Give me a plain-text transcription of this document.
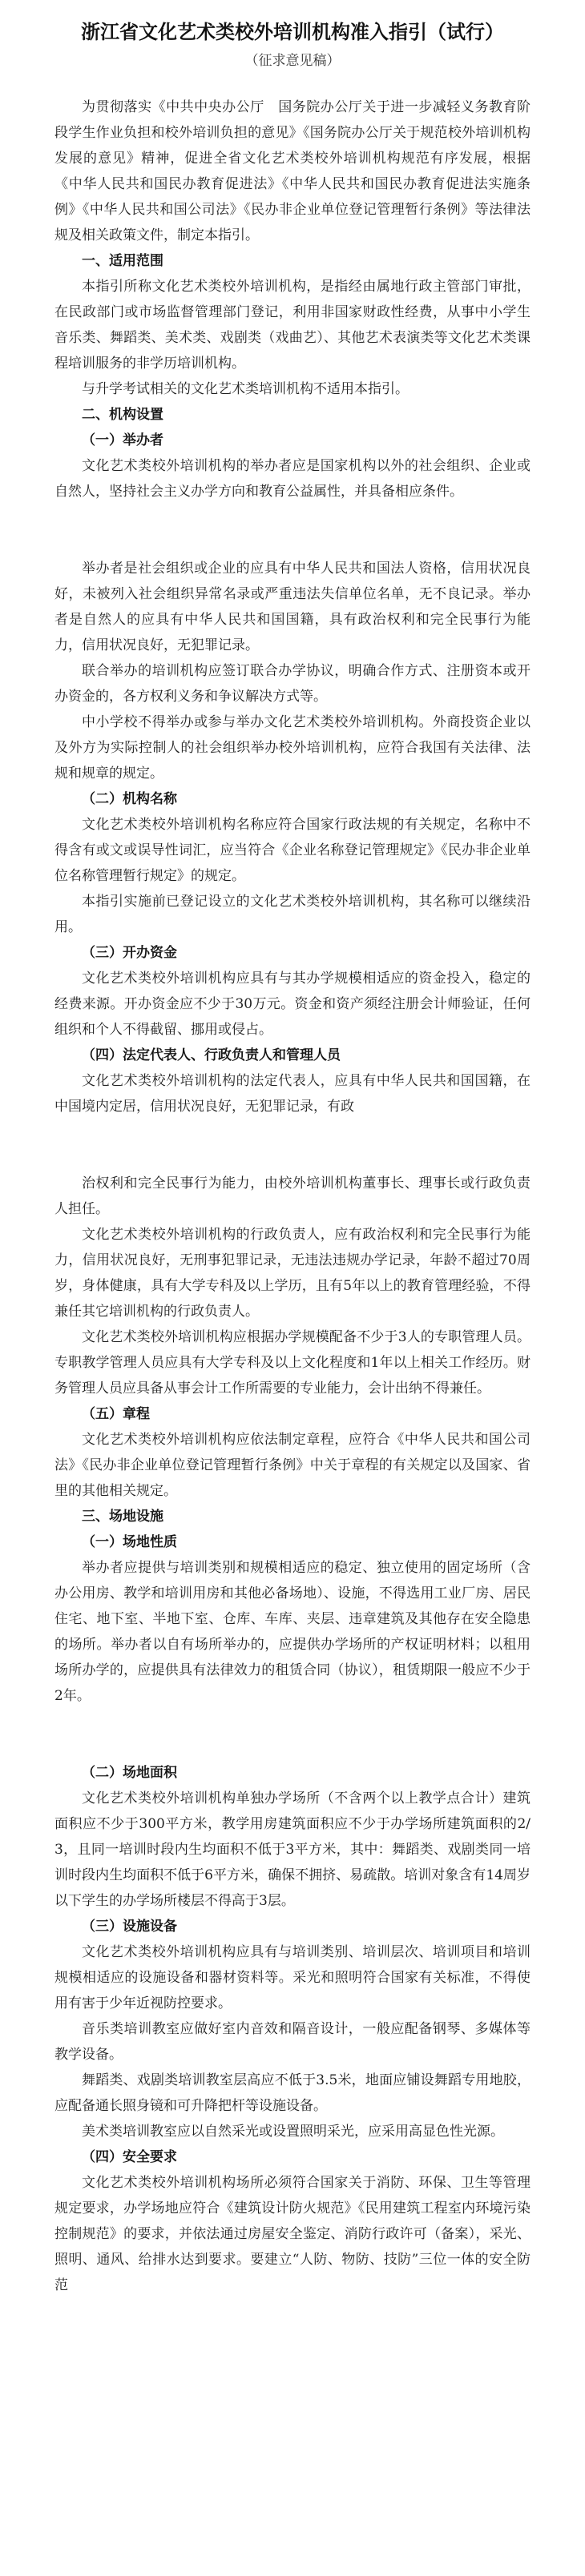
浙江省文化艺术类校外培训机构准入指引（试行）
（征求意见稿）

为贯彻落实《中共中央办公厅　国务院办公厅关于进一步减轻义务教育阶段学生作业负担和校外培训负担的意见》《国务院办公厅关于规范校外培训机构发展的意见》精神，促进全省文化艺术类校外培训机构规范有序发展，根据《中华人民共和国民办教育促进法》《中华人民共和国民办教育促进法实施条例》《中华人民共和国公司法》《民办非企业单位登记管理暂行条例》等法律法规及相关政策文件，制定本指引。

一、适用范围

本指引所称文化艺术类校外培训机构，是指经由属地行政主管部门审批，在民政部门或市场监督管理部门登记，利用非国家财政性经费，从事中小学生音乐类、舞蹈类、美术类、戏剧类（戏曲艺）、其他艺术表演类等文化艺术类课程培训服务的非学历培训机构。

与升学考试相关的文化艺术类培训机构不适用本指引。

二、机构设置

（一）举办者

文化艺术类校外培训机构的举办者应是国家机构以外的社会组织、企业或自然人，坚持社会主义办学方向和教育公益属性，并具备相应条件。

举办者是社会组织或企业的应具有中华人民共和国法人资格，信用状况良好，未被列入社会组织异常名录或严重违法失信单位名单，无不良记录。举办者是自然人的应具有中华人民共和国国籍，具有政治权利和完全民事行为能力，信用状况良好，无犯罪记录。

联合举办的培训机构应签订联合办学协议，明确合作方式、注册资本或开办资金的，各方权利义务和争议解决方式等。

中小学校不得举办或参与举办文化艺术类校外培训机构。外商投资企业以及外方为实际控制人的社会组织举办校外培训机构，应符合我国有关法律、法规和规章的规定。

（二）机构名称

文化艺术类校外培训机构名称应符合国家行政法规的有关规定，名称中不得含有或文或误导性词汇，应当符合《企业名称登记管理规定》《民办非企业单位名称管理暂行规定》的规定。

本指引实施前已登记设立的文化艺术类校外培训机构，其名称可以继续沿用。

（三）开办资金

文化艺术类校外培训机构应具有与其办学规模相适应的资金投入，稳定的经费来源。开办资金应不少于30万元。资金和资产须经注册会计师验证，任何组织和个人不得截留、挪用或侵占。

（四）法定代表人、行政负责人和管理人员

文化艺术类校外培训机构的法定代表人，应具有中华人民共和国国籍，在中国境内定居，信用状况良好，无犯罪记录，有政

治权利和完全民事行为能力，由校外培训机构董事长、理事长或行政负责人担任。

文化艺术类校外培训机构的行政负责人，应有政治权利和完全民事行为能力，信用状况良好，无刑事犯罪记录，无违法违规办学记录，年龄不超过70周岁，身体健康，具有大学专科及以上学历，且有5年以上的教育管理经验，不得兼任其它培训机构的行政负责人。

文化艺术类校外培训机构应根据办学规模配备不少于3人的专职管理人员。专职教学管理人员应具有大学专科及以上文化程度和1年以上相关工作经历。财务管理人员应具备从事会计工作所需要的专业能力，会计出纳不得兼任。

（五）章程

文化艺术类校外培训机构应依法制定章程，应符合《中华人民共和国公司法》《民办非企业单位登记管理暂行条例》中关于章程的有关规定以及国家、省里的其他相关规定。

三、场地设施

（一）场地性质

举办者应提供与培训类别和规模相适应的稳定、独立使用的固定场所（含办公用房、教学和培训用房和其他必备场地）、设施，不得选用工业厂房、居民住宅、地下室、半地下室、仓库、车库、夹层、违章建筑及其他存在安全隐患的场所。举办者以自有场所举办的，应提供办学场所的产权证明材料；以租用场所办学的，应提供具有法律效力的租赁合同（协议），租赁期限一般应不少于2年。

（二）场地面积

文化艺术类校外培训机构单独办学场所（不含两个以上教学点合计）建筑面积应不少于300平方米，教学用房建筑面积应不少于办学场所建筑面积的2/3，且同一培训时段内生均面积不低于3平方米，其中：舞蹈类、戏剧类同一培训时段内生均面积不低于6平方米，确保不拥挤、易疏散。培训对象含有14周岁以下学生的办学场所楼层不得高于3层。

（三）设施设备

文化艺术类校外培训机构应具有与培训类别、培训层次、培训项目和培训规模相适应的设施设备和器材资料等。采光和照明符合国家有关标准，不得使用有害于少年近视防控要求。

音乐类培训教室应做好室内音效和隔音设计，一般应配备钢琴、多媒体等教学设备。

舞蹈类、戏剧类培训教室层高应不低于3.5米，地面应铺设舞蹈专用地胶，应配备通长照身镜和可升降把杆等设施设备。

美术类培训教室应以自然采光或设置照明采光，应采用高显色性光源。

（四）安全要求

文化艺术类校外培训机构场所必须符合国家关于消防、环保、卫生等管理规定要求，办学场地应符合《建筑设计防火规范》《民用建筑工程室内环境污染控制规范》的要求，并依法通过房屋安全鉴定、消防行政许可（备案），采光、照明、通风、给排水达到要求。要建立“人防、物防、技防”三位一体的安全防范
